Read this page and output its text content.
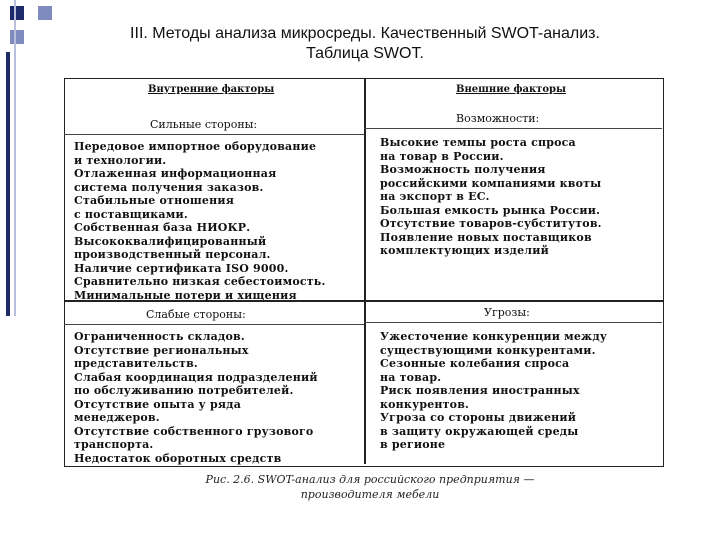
III. Методы анализа микросреды. Качественный SWOT-анализ.
Таблица SWOT.
Внутренние факторы	Внешние факторы
Сильные стороны:
Передовое импортное оборудование
и технологии.
Отлаженная информационная
система получения заказов.
Стабильные отношения
с поставщиками.
Собственная база НИОКР.
Высококвалифицированный
производственный персонал.
Наличие сертификата ISO 9000.
Сравнительно низкая себестоимость.
Минимальные потери и хищения
Возможности:
Высокие темпы роста спроса
на товар в России.
Возможность получения
российскими компаниями квоты
на экспорт в ЕС.
Большая емкость рынка России.
Отсутствие товаров-субститутов.
Появление новых поставщиков
комплектующих изделий
Слабые стороны:
Ограниченность складов.
Отсутствие региональных
представительств.
Слабая координация подразделений
по обслуживанию потребителей.
Отсутствие опыта у ряда
менеджеров.
Отсутствие собственного грузового
транспорта.
Недостаток оборотных средств
Угрозы:
Ужесточение конкуренции между
существующими конкурентами.
Сезонные колебания спроса
на товар.
Риск появления иностранных
конкурентов.
Угроза со стороны движений
в защиту окружающей среды
в регионе
Рис. 2.6. SWOT-анализ для российского предприятия —
производителя мебели
